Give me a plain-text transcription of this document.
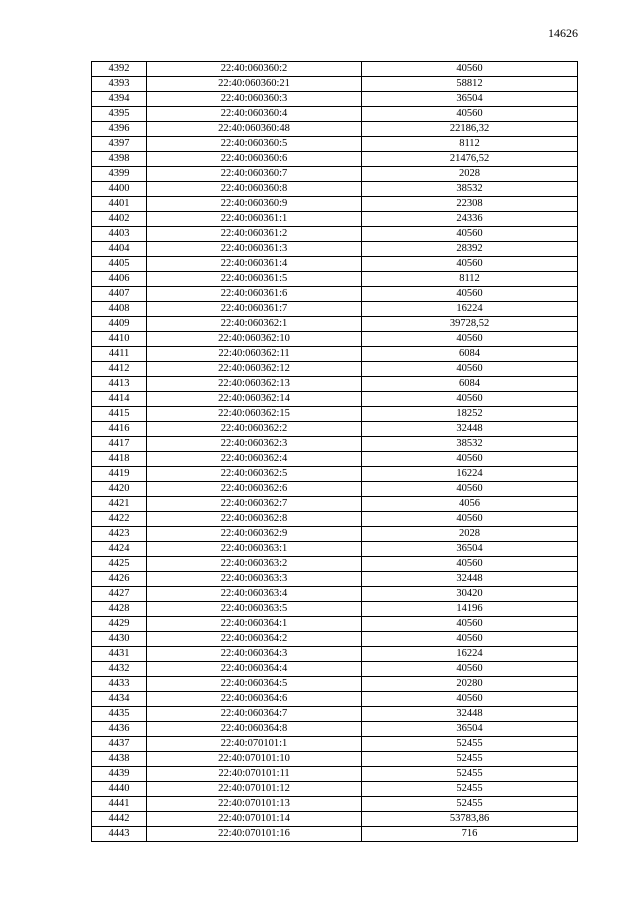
14626
4392	22:40:060360:2	40560
4393	22:40:060360:21	58812
4394	22:40:060360:3	36504
4395	22:40:060360:4	40560
4396	22:40:060360:48	22186,32
4397	22:40:060360:5	8112
4398	22:40:060360:6	21476,52
4399	22:40:060360:7	2028
4400	22:40:060360:8	38532
4401	22:40:060360:9	22308
4402	22:40:060361:1	24336
4403	22:40:060361:2	40560
4404	22:40:060361:3	28392
4405	22:40:060361:4	40560
4406	22:40:060361:5	8112
4407	22:40:060361:6	40560
4408	22:40:060361:7	16224
4409	22:40:060362:1	39728,52
4410	22:40:060362:10	40560
4411	22:40:060362:11	6084
4412	22:40:060362:12	40560
4413	22:40:060362:13	6084
4414	22:40:060362:14	40560
4415	22:40:060362:15	18252
4416	22:40:060362:2	32448
4417	22:40:060362:3	38532
4418	22:40:060362:4	40560
4419	22:40:060362:5	16224
4420	22:40:060362:6	40560
4421	22:40:060362:7	4056
4422	22:40:060362:8	40560
4423	22:40:060362:9	2028
4424	22:40:060363:1	36504
4425	22:40:060363:2	40560
4426	22:40:060363:3	32448
4427	22:40:060363:4	30420
4428	22:40:060363:5	14196
4429	22:40:060364:1	40560
4430	22:40:060364:2	40560
4431	22:40:060364:3	16224
4432	22:40:060364:4	40560
4433	22:40:060364:5	20280
4434	22:40:060364:6	40560
4435	22:40:060364:7	32448
4436	22:40:060364:8	36504
4437	22:40:070101:1	52455
4438	22:40:070101:10	52455
4439	22:40:070101:11	52455
4440	22:40:070101:12	52455
4441	22:40:070101:13	52455
4442	22:40:070101:14	53783,86
4443	22:40:070101:16	716
